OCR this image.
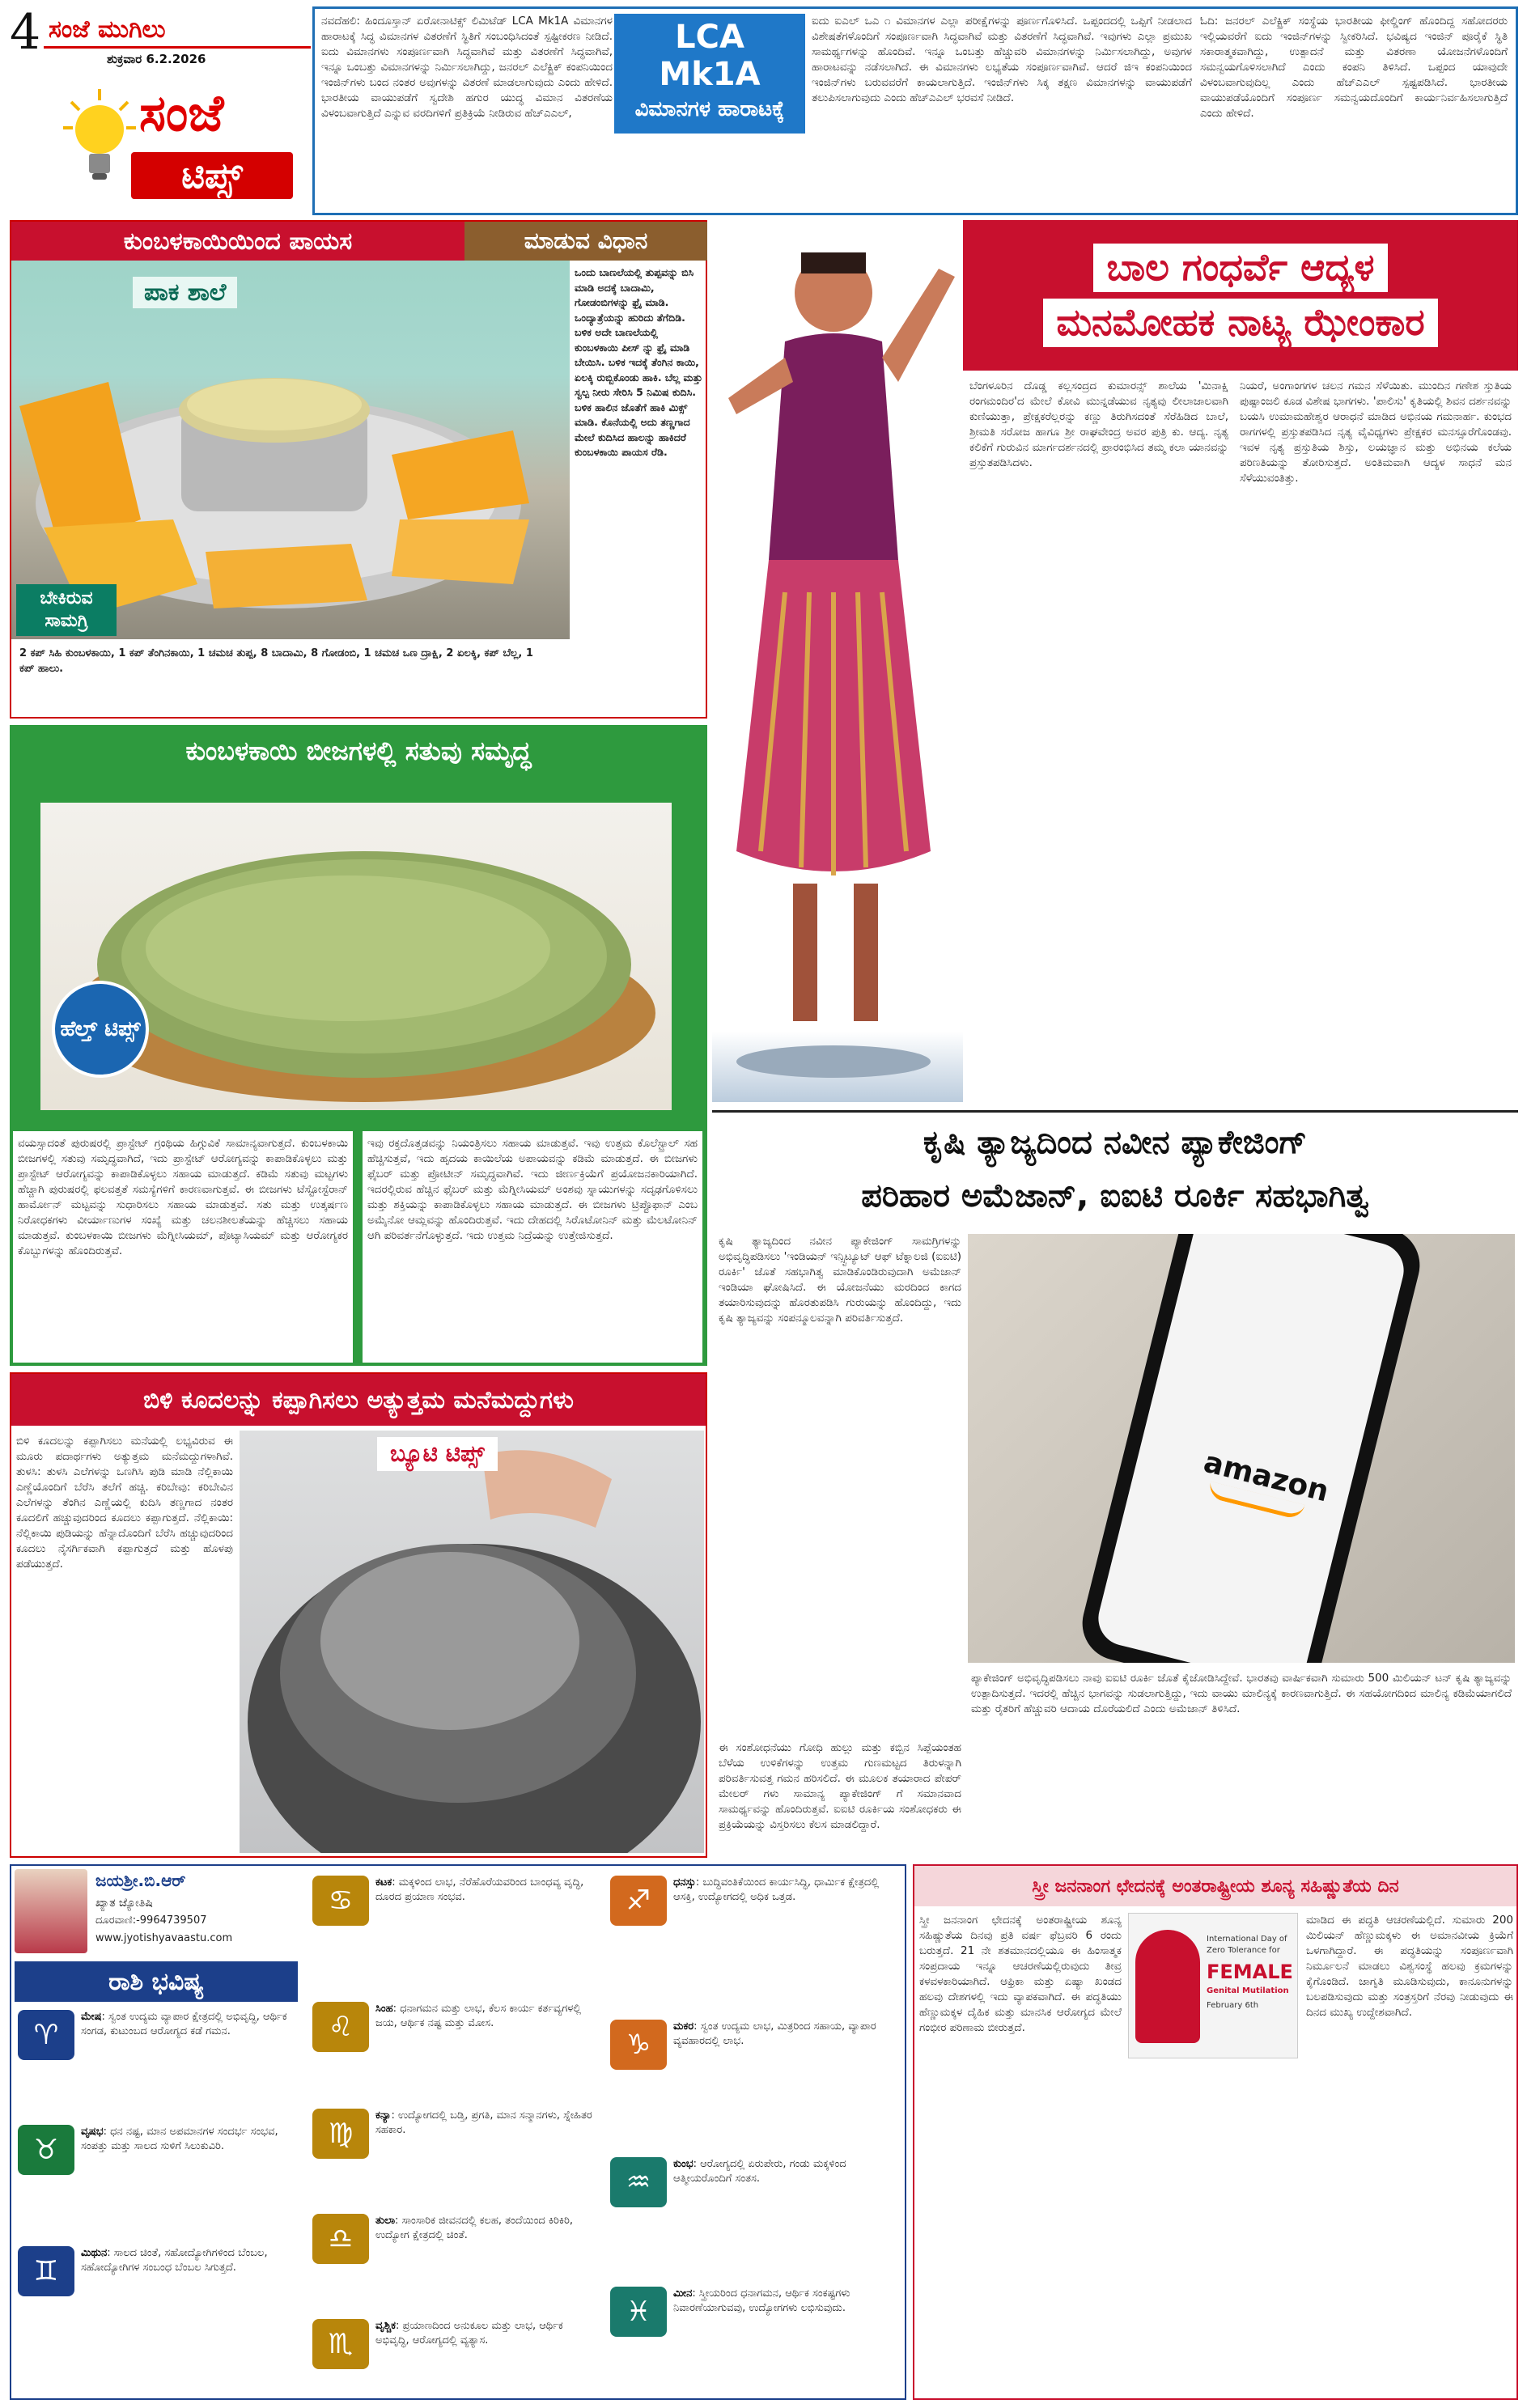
4 ಸಂಜೆ ಮುಗಿಲು
ಶುಕ್ರವಾರ 6.2.2026
ಸಂಜೆ
ಟಿಪ್ಸ್
ನವದೆಹಲಿ: ಹಿಂದೂಸ್ತಾನ್ ಏರೋನಾಟಿಕ್ಸ್ ಲಿಮಿಟೆಡ್ LCA Mk1A ವಿಮಾನಗಳ ಹಾರಾಟಕ್ಕೆ ಸಿದ್ಧ ವಿಮಾನಗಳ ವಿತರಣೆಗೆ ಸ್ಥಿತಿಗೆ ಸಂಬಂಧಿಸಿದಂತೆ ಸ್ಪಷ್ಟೀಕರಣ ನೀಡಿದೆ. ಐದು ವಿಮಾನಗಳು ಸಂಪೂರ್ಣವಾಗಿ ಸಿದ್ಧವಾಗಿವೆ ಮತ್ತು ವಿತರಣೆಗೆ ಸಿದ್ಧವಾಗಿವೆ, ಇನ್ನೂ ಒಂಬತ್ತು ವಿಮಾನಗಳನ್ನು ನಿರ್ಮಿಸಲಾಗಿದ್ದು, ಜನರಲ್ ಎಲೆಕ್ಟ್ರಿಕ್ ಕಂಪನಿಯಿಂದ ಇಂಜಿನ್‌ಗಳು ಬಂದ ನಂತರ ಅವುಗಳನ್ನು ವಿತರಣೆ ಮಾಡಲಾಗುವುದು ಎಂದು ಹೇಳಿದೆ. ಭಾರತೀಯ ವಾಯುಪಡೆಗೆ ಸ್ವದೇಶಿ ಹಗುರ ಯುದ್ಧ ವಿಮಾನ ವಿತರಣೆಯ ವಿಳಂಬವಾಗುತ್ತಿದೆ ಎನ್ನುವ ವರದಿಗಳಿಗೆ ಪ್ರತಿಕ್ರಿಯೆ ನೀಡಿರುವ ಹೆಚ್‌ಎಎಲ್,
LCA Mk1A
ವಿಮಾನಗಳ ಹಾರಾಟಕ್ಕೆ ಸಿದ್ಧ
ಐದು ಐಎಲ್ ಒಎ ೧ ವಿಮಾನಗಳ ಎಲ್ಲಾ ಪರೀಕ್ಷೆಗಳನ್ನು ಪೂರ್ಣಗೊಳಿಸಿದೆ. ಒಪ್ಪಂದದಲ್ಲಿ ಒಪ್ಪಿಗೆ ನೀಡಲಾದ ವಿಶೇಷತೆಗಳೊಂದಿಗೆ ಸಂಪೂರ್ಣವಾಗಿ ಸಿದ್ಧವಾಗಿವೆ ಮತ್ತು ವಿತರಣೆಗೆ ಸಿದ್ಧವಾಗಿವೆ. ಇವುಗಳು ಎಲ್ಲಾ ಪ್ರಮುಖ ಸಾಮರ್ಥ್ಯಗಳನ್ನು ಹೊಂದಿವೆ. ಇನ್ನೂ ಒಂಬತ್ತು ಹೆಚ್ಚುವರಿ ವಿಮಾನಗಳನ್ನು ನಿರ್ಮಿಸಲಾಗಿದ್ದು, ಅವುಗಳ ಹಾರಾಟವನ್ನು ನಡೆಸಲಾಗಿದೆ. ಈ ವಿಮಾನಗಳು ಲಭ್ಯತೆಯ ಸಂಪೂರ್ಣವಾಗಿವೆ. ಆದರೆ ಜಿಇ ಕಂಪನಿಯಿಂದ ಇಂಜಿನ್‌ಗಳು ಬರುವವರೆಗೆ ಕಾಯಲಾಗುತ್ತಿದೆ. ಇಂಜಿನ್‌ಗಳು ಸಿಕ್ಕ ತಕ್ಷಣ ವಿಮಾನಗಳನ್ನು ವಾಯುಪಡೆಗೆ ತಲುಪಿಸಲಾಗುವುದು ಎಂದು ಹೆಚ್‌ಎಎಲ್ ಭರವಸೆ ನೀಡಿದೆ.
ಓದಿ: ಜನರಲ್ ಎಲೆಕ್ಟ್ರಿಕ್ ಸಂಸ್ಥೆಯ ಭಾರತೀಯ ಫೀಲ್ಡಿಂಗ್ ಹೊಂದಿದ್ದ ಸಹೋದರರು ಇಲ್ಲಿಯವರೆಗೆ ಐದು ಇಂಜಿನ್‌ಗಳನ್ನು ಸ್ವೀಕರಿಸಿದೆ. ಭವಿಷ್ಯದ ಇಂಜಿನ್ ಪೂರೈಕೆ ಸ್ಥಿತಿ ಸಕಾರಾತ್ಮಕವಾಗಿದ್ದು, ಉತ್ಪಾದನೆ ಮತ್ತು ವಿತರಣಾ ಯೋಜನೆಗಳೊಂದಿಗೆ ಸಮನ್ವಯಗೊಳಿಸಲಾಗಿದೆ ಎಂದು ಕಂಪನಿ ತಿಳಿಸಿದೆ. ಒಪ್ಪಂದ ಯಾವುದೇ ವಿಳಂಬವಾಗುವುದಿಲ್ಲ ಎಂದು ಹೆಚ್‌ಎಎಲ್ ಸ್ಪಷ್ಟಪಡಿಸಿದೆ. ಭಾರತೀಯ ವಾಯುಪಡೆಯೊಂದಿಗೆ ಸಂಪೂರ್ಣ ಸಮನ್ವಯದೊಂದಿಗೆ ಕಾರ್ಯನಿರ್ವಹಿಸಲಾಗುತ್ತಿದೆ ಎಂದು ಹೇಳಿದೆ.
ಕುಂಬಳಕಾಯಿಯಿಂದ ಪಾಯಸ	ಮಾಡುವ ವಿಧಾನ
ಪಾಕ ಶಾಲೆ
ಬೇಕಿರುವ ಸಾಮಗ್ರಿ
ಒಂದು ಬಾಣಲೆಯಲ್ಲಿ ತುಪ್ಪವನ್ನು ಬಿಸಿ ಮಾಡಿ ಅದಕ್ಕೆ ಬಾದಾಮಿ, ಗೋಡಂಬಿಗಳನ್ನು ಫ್ರೈ ಮಾಡಿ. ಒಂದ್ಯಾತ್ರೆಯನ್ನು ಹುರಿದು ತೆಗೆದಿಡಿ. ಬಳಿಕ ಅದೇ ಬಾಣಲೆಯಲ್ಲಿ ಕುಂಬಳಕಾಯಿ ಪೀಸ್ ನ್ನು ಫ್ರೈ ಮಾಡಿ ಬೇಯಿಸಿ. ಬಳಿಕ ಇದಕ್ಕೆ ತೆಂಗಿನ ಕಾಯಿ, ಏಲಕ್ಕಿ ರುಬ್ಬಿಕೊಂಡು ಹಾಕಿ. ಬೆಲ್ಲ ಮತ್ತು ಸ್ವಲ್ಪ ನೀರು ಸೇರಿಸಿ 5 ನಿಮಿಷ ಕುದಿಸಿ. ಬಳಿಕ ಹಾಲಿನ ಜೊತೆಗೆ ಹಾಕಿ ಮಿಕ್ಸ್ ಮಾಡಿ. ಕೊನೆಯಲ್ಲಿ ಅದು ತಣ್ಣಗಾದ ಮೇಲೆ ಕುದಿಸಿದ ಹಾಲನ್ನು ಹಾಕಿದರೆ ಕುಂಬಳಕಾಯಿ ಪಾಯಸ ರೆಡಿ.
2 ಕಪ್ ಸಿಹಿ ಕುಂಬಳಕಾಯಿ, 1 ಕಪ್ ತೆಂಗಿನಕಾಯಿ, 1 ಚಮಚ ತುಪ್ಪ, 8 ಬಾದಾಮಿ, 8 ಗೋಡಂಬಿ, 1 ಚಮಚ ಒಣ ದ್ರಾಕ್ಷಿ, 2 ಏಲಕ್ಕಿ, ಕಪ್ ಬೆಲ್ಲ, 1 ಕಪ್ ಹಾಲು.
ಕುಂಬಳಕಾಯಿ ಬೀಜಗಳಲ್ಲಿ ಸತುವು ಸಮೃದ್ಧ
ಹೆಲ್ತ್ ಟಿಪ್ಸ್
ವಯಸ್ಸಾದಂತೆ ಪುರುಷರಲ್ಲಿ ಪ್ರಾಸ್ಟೇಟ್ ಗ್ರಂಥಿಯ ಹಿಗ್ಗುವಿಕೆ ಸಾಮಾನ್ಯವಾಗುತ್ತದೆ. ಕುಂಬಳಕಾಯಿ ಬೀಜಗಳಲ್ಲಿ ಸತುವು ಸಮೃದ್ಧವಾಗಿದೆ, ಇದು ಪ್ರಾಸ್ಟೇಟ್ ಆರೋಗ್ಯವನ್ನು ಕಾಪಾಡಿಕೊಳ್ಳಲು ಮತ್ತು ಪ್ರಾಸ್ಟೇಟ್ ಆರೋಗ್ಯವನ್ನು ಕಾಪಾಡಿಕೊಳ್ಳಲು ಸಹಾಯ ಮಾಡುತ್ತದೆ. ಕಡಿಮೆ ಸತುವು ಮಟ್ಟಗಳು ಹೆಚ್ಚಾಗಿ ಪುರುಷರಲ್ಲಿ ಫಲವತ್ತತೆ ಸಮಸ್ಯೆಗಳಿಗೆ ಕಾರಣವಾಗುತ್ತವೆ. ಈ ಬೀಜಗಳು ಟೆಸ್ಟೋಸ್ಟೆರಾನ್ ಹಾರ್ಮೋನ್ ಮಟ್ಟವನ್ನು ಸುಧಾರಿಸಲು ಸಹಾಯ ಮಾಡುತ್ತವೆ. ಸತು ಮತ್ತು ಉತ್ಕರ್ಷಣ ನಿರೋಧಕಗಳು ವೀರ್ಯಾಣುಗಳ ಸಂಖ್ಯೆ ಮತ್ತು ಚಲನಶೀಲತೆಯನ್ನು ಹೆಚ್ಚಿಸಲು ಸಹಾಯ ಮಾಡುತ್ತವೆ. ಕುಂಬಳಕಾಯಿ ಬೀಜಗಳು ಮೆಗ್ನೀಸಿಯಮ್, ಪೊಟ್ಯಾಸಿಯಮ್ ಮತ್ತು ಆರೋಗ್ಯಕರ ಕೊಬ್ಬುಗಳನ್ನು ಹೊಂದಿರುತ್ತವೆ.
ಇವು ರಕ್ತದೊತ್ತಡವನ್ನು ನಿಯಂತ್ರಿಸಲು ಸಹಾಯ ಮಾಡುತ್ತವೆ. ಇವು ಉತ್ತಮ ಕೊಲೆಸ್ಟ್ರಾಲ್ ಸಹ ಹೆಚ್ಚಿಸುತ್ತವೆ, ಇದು ಹೃದಯ ಕಾಯಿಲೆಯ ಅಪಾಯವನ್ನು ಕಡಿಮೆ ಮಾಡುತ್ತದೆ. ಈ ಬೀಜಗಳು ಫೈಬರ್ ಮತ್ತು ಪ್ರೋಟೀನ್ ಸಮೃದ್ಧವಾಗಿವೆ. ಇದು ಜೀರ್ಣಕ್ರಿಯೆಗೆ ಪ್ರಯೋಜನಕಾರಿಯಾಗಿದೆ. ಇದರಲ್ಲಿರುವ ಹೆಚ್ಚಿನ ಫೈಬರ್ ಮತ್ತು ಮೆಗ್ನೀಸಿಯಮ್ ಅಂಶವು ಸ್ನಾಯುಗಳನ್ನು ಸದೃಢಗೊಳಿಸಲು ಮತ್ತು ಶಕ್ತಿಯನ್ನು ಕಾಪಾಡಿಕೊಳ್ಳಲು ಸಹಾಯ ಮಾಡುತ್ತದೆ. ಈ ಬೀಜಗಳು ಟ್ರಿಪ್ಟೊಫಾನ್ ಎಂಬ ಅಮೈನೋ ಆಮ್ಲವನ್ನು ಹೊಂದಿರುತ್ತವೆ. ಇದು ದೇಹದಲ್ಲಿ ಸಿರೊಟೋನಿನ್ ಮತ್ತು ಮೆಲಟೋನಿನ್ ಆಗಿ ಪರಿವರ್ತನೆಗೊಳ್ಳುತ್ತದೆ. ಇದು ಉತ್ತಮ ನಿದ್ರೆಯನ್ನು ಉತ್ತೇಜಿಸುತ್ತದೆ.
ಬಾಲ ಗಂಧರ್ವೆ ಆದ್ಯಳ
ಮನಮೋಹಕ ನಾಟ್ಯ ಝೇಂಕಾರ
ಬೆಂಗಳೂರಿನ ದೊಡ್ಡ ಕಲ್ಲಸಂದ್ರದ ಕುಮಾರನ್ಸ್ ಶಾಲೆಯ 'ಮಿನಾಕ್ಷಿ ರಂಗಮಂದಿರ'ದ ಮೇಲೆ ಕೋವಿ ಮುನ್ನಡೆಯುವ ನೃತ್ಯವು ಲೀಲಾಜಾಲವಾಗಿ ಕುಣಿಯುತ್ತಾ, ಪ್ರೇಕ್ಷಕರೆಲ್ಲರನ್ನು ಕಣ್ಣು ತಿರುಗಿಸದಂತೆ ಸೆರೆಹಿಡಿದ ಬಾಲೆ, ಶ್ರೀಮತಿ ಸರೋಜ ಹಾಗೂ ಶ್ರೀ ರಾಘವೇಂದ್ರ ಅವರ ಪುತ್ರಿ ಕು. ಆದ್ಯ. ನೃತ್ಯ ಕಲಿಕೆಗೆ ಗುರುವಿನ ಮಾರ್ಗದರ್ಶನದಲ್ಲಿ ಪ್ರಾರಂಭಿಸಿದ ತಮ್ಮ ಕಲಾ ಯಾನವನ್ನು ಪ್ರಸ್ತುತಪಡಿಸಿದಳು.
ನಿಯರೆ, ಅಂಗಾಂಗಗಳ ಚಲನ ಗಮನ ಸೆಳೆಯಿತು. ಮುಂದಿನ ಗಣೇಶ ಸ್ತುತಿಯ ಪುಷ್ಪಾಂಜಲಿ ಕೂಡ ವಿಶೇಷ ಭಾಗಗಳು. 'ಪಾಲಿಸು' ಕೃತಿಯಲ್ಲಿ ಶಿವನ ದರ್ಶನವನ್ನು ಬಯಸಿ ಉಮಾಮಹೇಶ್ವರ ಆರಾಧನೆ ಮಾಡಿದ ಅಭಿನಯ ಗಮನಾರ್ಹ. ಕುಂಭದ ರಾಗಗಳಲ್ಲಿ ಪ್ರಸ್ತುತಪಡಿಸಿದ ನೃತ್ಯ ವೈವಿಧ್ಯಗಳು ಪ್ರೇಕ್ಷಕರ ಮನಸ್ಸೂರೆಗೊಂಡವು. ಇವಳ ನೃತ್ಯ ಪ್ರಸ್ತುತಿಯ ಶಿಸ್ತು, ಲಯಜ್ಞಾನ ಮತ್ತು ಅಭಿನಯ ಕಲೆಯ ಪರಿಣತಿಯನ್ನು ತೋರಿಸುತ್ತದೆ. ಅಂತಿಮವಾಗಿ ಆದ್ಯಳ ಸಾಧನೆ ಮನ ಸೆಳೆಯುವಂತಿತ್ತು.
ಕೃಷಿ ತ್ಯಾಜ್ಯದಿಂದ ನವೀನ ಪ್ಯಾಕೇಜಿಂಗ್
ಪರಿಹಾರ ಅಮೆಜಾನ್, ಐಐಟಿ ರೂರ್ಕಿ ಸಹಭಾಗಿತ್ವ
ಕೃಷಿ ತ್ಯಾಜ್ಯದಿಂದ ನವೀನ ಪ್ಯಾಕೇಜಿಂಗ್ ಸಾಮಗ್ರಿಗಳನ್ನು ಅಭಿವೃದ್ಧಿಪಡಿಸಲು 'ಇಂಡಿಯನ್ ಇನ್ಸ್ಟಿಟ್ಯೂಟ್ ಆಫ್ ಟೆಕ್ನಾಲಜಿ (ಐಐಟಿ) ರೂರ್ಕಿ' ಜೊತೆ ಸಹಭಾಗಿತ್ವ ಮಾಡಿಕೊಂಡಿರುವುದಾಗಿ ಅಮೆಜಾನ್ ಇಂಡಿಯಾ ಘೋಷಿಸಿದೆ. ಈ ಯೋಜನೆಯು ಮರದಿಂದ ಕಾಗದ ತಯಾರಿಸುವುದನ್ನು ಹೊರತುಪಡಿಸಿ ಗುರುಯನ್ನು ಹೊಂದಿದ್ದು, ಇದು ಕೃಷಿ ತ್ಯಾಜ್ಯವನ್ನು ಸಂಪನ್ಮೂಲವನ್ನಾಗಿ ಪರಿವರ್ತಿಸುತ್ತದೆ.
ಈ ಸಂಶೋಧನೆಯು ಗೋಧಿ ಹುಲ್ಲು ಮತ್ತು ಕಬ್ಬಿನ ಸಿಪ್ಪೆಯಂತಹ ಬೆಳೆಯ ಉಳಿಕೆಗಳನ್ನು ಉತ್ತಮ ಗುಣಮಟ್ಟದ ತಿರುಳನ್ನಾಗಿ ಪರಿವರ್ತಿಸುವತ್ತ ಗಮನ ಹರಿಸಲಿದೆ. ಈ ಮೂಲಕ ತಯಾರಾದ ಪೇಪರ್ ಮೇಲರ್ ಗಳು ಸಾಮಾನ್ಯ ಪ್ಯಾಕೇಜಿಂಗ್ ಗೆ ಸಮಾನವಾದ ಸಾಮರ್ಥ್ಯವನ್ನು ಹೊಂದಿರುತ್ತವೆ. ಐಐಟಿ ರೂರ್ಕಿಯ ಸಂಶೋಧಕರು ಈ ಪ್ರಕ್ರಿಯೆಯನ್ನು ವಿಸ್ತರಿಸಲು ಕೆಲಸ ಮಾಡಲಿದ್ದಾರೆ.
amazon
ಪ್ಯಾಕೇಜಿಂಗ್ ಅಭಿವೃದ್ಧಿಪಡಿಸಲು ನಾವು ಐಐಟಿ ರೂರ್ಕಿ ಜೊತೆ ಕೈಜೋಡಿಸಿದ್ದೇವೆ. ಭಾರತವು ವಾರ್ಷಿಕವಾಗಿ ಸುಮಾರು 500 ಮಿಲಿಯನ್ ಟನ್ ಕೃಷಿ ತ್ಯಾಜ್ಯವನ್ನು ಉತ್ಪಾದಿಸುತ್ತದೆ. ಇದರಲ್ಲಿ ಹೆಚ್ಚಿನ ಭಾಗವನ್ನು ಸುಡಲಾಗುತ್ತಿದ್ದು, ಇದು ವಾಯು ಮಾಲಿನ್ಯಕ್ಕೆ ಕಾರಣವಾಗುತ್ತಿದೆ. ಈ ಸಹಯೋಗದಿಂದ ಮಾಲಿನ್ಯ ಕಡಿಮೆಯಾಗಲಿದೆ ಮತ್ತು ರೈತರಿಗೆ ಹೆಚ್ಚುವರಿ ಆದಾಯ ದೊರೆಯಲಿದೆ ಎಂದು ಅಮೆಜಾನ್ ತಿಳಿಸಿದೆ.
ಬಿಳಿ ಕೂದಲನ್ನು ಕಪ್ಪಾಗಿಸಲು ಅತ್ಯುತ್ತಮ ಮನೆಮದ್ದುಗಳು
ಬಿಳಿ ಕೂದಲನ್ನು ಕಪ್ಪಾಗಿಸಲು ಮನೆಯಲ್ಲಿ ಲಭ್ಯವಿರುವ ಈ ಮೂರು ಪದಾರ್ಥಗಳು ಅತ್ಯುತ್ತಮ ಮನೆಮದ್ದುಗಳಾಗಿವೆ. ತುಳಸಿ: ತುಳಸಿ ಎಲೆಗಳನ್ನು ಒಣಗಿಸಿ ಪುಡಿ ಮಾಡಿ ನೆಲ್ಲಿಕಾಯಿ ಎಣ್ಣೆಯೊಂದಿಗೆ ಬೆರೆಸಿ ತಲೆಗೆ ಹಚ್ಚಿ. ಕರಿಬೇವು: ಕರಿಬೇವಿನ ಎಲೆಗಳನ್ನು ತೆಂಗಿನ ಎಣ್ಣೆಯಲ್ಲಿ ಕುದಿಸಿ ತಣ್ಣಗಾದ ನಂತರ ಕೂದಲಿಗೆ ಹಚ್ಚುವುದರಿಂದ ಕೂದಲು ಕಪ್ಪಾಗುತ್ತದೆ. ನೆಲ್ಲಿಕಾಯಿ: ನೆಲ್ಲಿಕಾಯಿ ಪುಡಿಯನ್ನು ಹೆನ್ನಾದೊಂದಿಗೆ ಬೆರೆಸಿ ಹಚ್ಚುವುದರಿಂದ ಕೂದಲು ನೈಸರ್ಗಿಕವಾಗಿ ಕಪ್ಪಾಗುತ್ತದೆ ಮತ್ತು ಹೊಳಪು ಪಡೆಯುತ್ತದೆ.
ಬ್ಯೂಟಿ ಟಿಪ್ಸ್
ಜಯಶ್ರೀ.ಬಿ.ಆರ್
ಖ್ಯಾತ ಜ್ಯೋತಿಷಿ
ದೂರವಾಣಿ:-9964739507
www.jyotishyavaastu.com
ರಾಶಿ ಭವಿಷ್ಯ
♈
ಮೇಷ: ಸ್ವಂತ ಉದ್ಯಮ ವ್ಯಾಪಾರ ಕ್ಷೇತ್ರದಲ್ಲಿ ಅಭಿವೃದ್ಧಿ, ಆರ್ಥಿಕ ಸಂಗಡ, ಕುಟುಂಬದ ಆರೋಗ್ಯದ ಕಡೆ ಗಮನ.
♉
ವೃಷಭ: ಧನ ನಷ್ಟ, ಮಾನ ಅಪಮಾನಗಳ ಸಂದರ್ಭ ಸಂಭವ, ಸಂಪತ್ತು ಮತ್ತು ಸಾಲದ ಸುಳಿಗೆ ಸಿಲುಕುವಿರಿ.
♊
ಮಿಥುನ: ಸಾಲದ ಚಿಂತೆ, ಸಹೋದ್ಯೋಗಿಗಳಿಂದ ಬೆಂಬಲ, ಸಹೋದ್ಯೋಗಿಗಳ ಸಂಬಂಧ ಬೆಂಬಲ ಸಿಗುತ್ತದೆ.
♋
ಕಟಕ: ಮಕ್ಕಳಿಂದ ಲಾಭ, ನೆರೆಹೊರೆಯವರಿಂದ ಬಾಂಧವ್ಯ ವೃದ್ಧಿ, ದೂರದ ಪ್ರಯಾಣ ಸಂಭವ.
♌
ಸಿಂಹ: ಧನಾಗಮನ ಮತ್ತು ಲಾಭ, ಕೆಲಸ ಕಾರ್ಯ ಕರ್ತವ್ಯಗಳಲ್ಲಿ ಜಯ, ಆರ್ಥಿಕ ನಷ್ಟ ಮತ್ತು ಮೋಸ.
♍
ಕನ್ಯಾ: ಉದ್ಯೋಗದಲ್ಲಿ ಬಡ್ತಿ, ಪ್ರಗತಿ, ಮಾನ ಸನ್ಮಾನಗಳು, ಸ್ನೇಹಿತರ ಸಹಕಾರ.
♎
ತುಲಾ: ಸಾಂಸಾರಿಕ ಜೀವನದಲ್ಲಿ ಕಲಹ, ತಂದೆಯಿಂದ ಕಿರಿಕಿರಿ, ಉದ್ಯೋಗ ಕ್ಷೇತ್ರದಲ್ಲಿ ಚಿಂತೆ.
♏
ವೃಶ್ಚಿಕ: ಪ್ರಯಾಣದಿಂದ ಅನುಕೂಲ ಮತ್ತು ಲಾಭ, ಆರ್ಥಿಕ ಅಭಿವೃದ್ಧಿ, ಆರೋಗ್ಯದಲ್ಲಿ ವ್ಯತ್ಯಾಸ.
♐
ಧನಸ್ಸು: ಬುದ್ಧಿವಂತಿಕೆಯಿಂದ ಕಾರ್ಯಸಿದ್ಧಿ, ಧಾರ್ಮಿಕ ಕ್ಷೇತ್ರದಲ್ಲಿ ಆಸಕ್ತಿ, ಉದ್ಯೋಗದಲ್ಲಿ ಅಧಿಕ ಒತ್ತಡ.
♑
ಮಕರ: ಸ್ವಂತ ಉದ್ಯಮ ಲಾಭ, ಮಿತ್ರರಿಂದ ಸಹಾಯ, ವ್ಯಾಪಾರ ವ್ಯವಹಾರದಲ್ಲಿ ಲಾಭ.
♒
ಕುಂಭ: ಆರೋಗ್ಯದಲ್ಲಿ ಏರುಪೇರು, ಗಂಡು ಮಕ್ಕಳಿಂದ ಆತ್ಮೀಯರೊಂದಿಗೆ ಸಂತಸ.
♓
ಮೀನ: ಸ್ತ್ರೀಯರಿಂದ ಧನಾಗಮನ, ಆರ್ಥಿಕ ಸಂಕಷ್ಟಗಳು ನಿವಾರಣೆಯಾಗುವವು, ಉದ್ಯೋಗಗಳು ಲಭಿಸುವುದು.
ಸ್ತ್ರೀ ಜನನಾಂಗ ಛೇದನಕ್ಕೆ ಅಂತರಾಷ್ಟ್ರೀಯ ಶೂನ್ಯ ಸಹಿಷ್ಣುತೆಯ ದಿನ
ಸ್ತ್ರೀ ಜನನಾಂಗ ಛೇದನಕ್ಕೆ ಅಂತರಾಷ್ಟ್ರೀಯ ಶೂನ್ಯ ಸಹಿಷ್ಣುತೆಯ ದಿನವು ಪ್ರತಿ ವರ್ಷ ಫೆಬ್ರವರಿ 6 ರಂದು ಬರುತ್ತದೆ. 21 ನೇ ಶತಮಾನದಲ್ಲಿಯೂ ಈ ಹಿಂಸಾತ್ಮಕ ಸಂಪ್ರದಾಯ ಇನ್ನೂ ಆಚರಣೆಯಲ್ಲಿರುವುದು ತೀವ್ರ ಕಳವಳಕಾರಿಯಾಗಿದೆ. ಆಫ್ರಿಕಾ ಮತ್ತು ಏಷ್ಯಾ ಖಂಡದ ಹಲವು ದೇಶಗಳಲ್ಲಿ ಇದು ವ್ಯಾಪಕವಾಗಿದೆ. ಈ ಪದ್ಧತಿಯು ಹೆಣ್ಣುಮಕ್ಕಳ ದೈಹಿಕ ಮತ್ತು ಮಾನಸಿಕ ಆರೋಗ್ಯದ ಮೇಲೆ ಗಂಭೀರ ಪರಿಣಾಮ ಬೀರುತ್ತದೆ.
International Day of
Zero Tolerance for
FEMALE
Genital Mutilation
February 6th
ಮಾಡಿದ ಈ ಪದ್ಧತಿ ಆಚರಣೆಯಲ್ಲಿದೆ. ಸುಮಾರು 200 ಮಿಲಿಯನ್ ಹೆಣ್ಣುಮಕ್ಕಳು ಈ ಅಮಾನವೀಯ ಕ್ರಿಯೆಗೆ ಒಳಗಾಗಿದ್ದಾರೆ. ಈ ಪದ್ಧತಿಯನ್ನು ಸಂಪೂರ್ಣವಾಗಿ ನಿರ್ಮೂಲನೆ ಮಾಡಲು ವಿಶ್ವಸಂಸ್ಥೆ ಹಲವು ಕ್ರಮಗಳನ್ನು ಕೈಗೊಂಡಿದೆ. ಜಾಗೃತಿ ಮೂಡಿಸುವುದು, ಕಾನೂನುಗಳನ್ನು ಬಲಪಡಿಸುವುದು ಮತ್ತು ಸಂತ್ರಸ್ತರಿಗೆ ನೆರವು ನೀಡುವುದು ಈ ದಿನದ ಮುಖ್ಯ ಉದ್ದೇಶವಾಗಿದೆ.
